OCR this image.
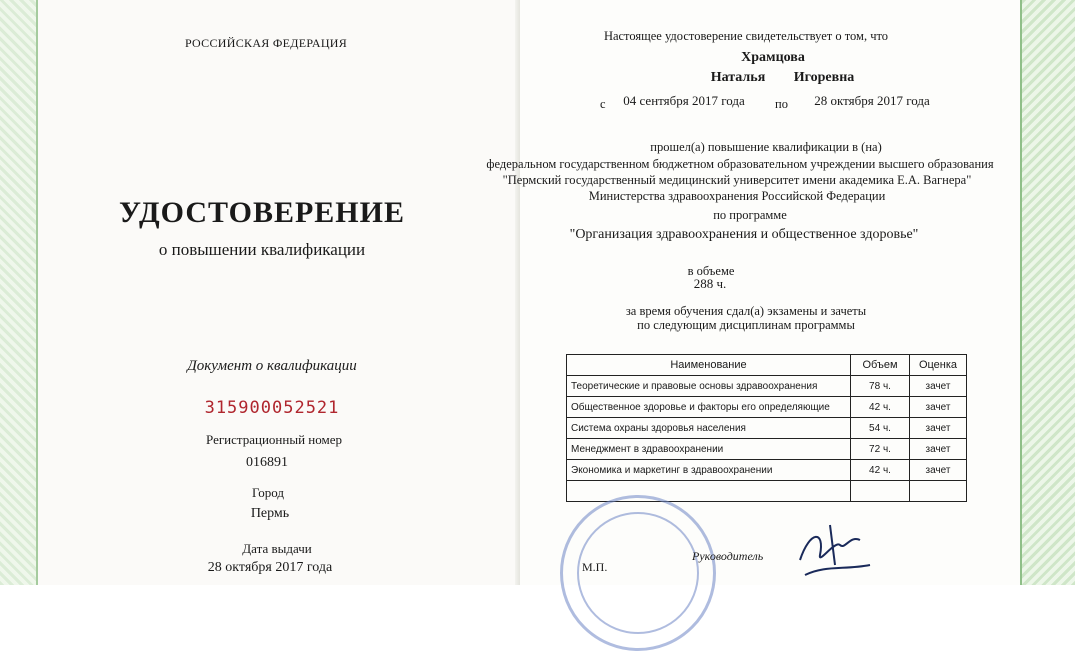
РОССИЙСКАЯ ФЕДЕРАЦИЯ
УДОСТОВЕРЕНИЕ
о повышении квалификации
Документ о квалификации
315900052521
Регистрационный номер
016891
Город
Пермь
Дата выдачи
28 октября 2017 года
Настоящее удостоверение свидетельствует о том, что
Храмцова
Наталья Игоревна
с 04 сентября 2017 года по 28 октября 2017 года
прошел(а) повышение квалификации в (на)
федеральном государственном бюджетном образовательном учреждении высшего образования
"Пермский государственный медицинский университет имени академика Е.А. Вагнера"
Министерства здравоохранения Российской Федерации
по программе
"Организация здравоохранения и общественное здоровье"
в объеме
288 ч.
за время обучения сдал(а) экзамены и зачеты
по следующим дисциплинам программы
Наименование	Объем	Оценка
Теоретические и правовые основы здравоохранения	78 ч.	зачет
Общественное здоровье и факторы его определяющие	42 ч.	зачет
Система охраны здоровья населения	54 ч.	зачет
Менеджмент в здравоохранении	72 ч.	зачет
Экономика и маркетинг в здравоохранении	42 ч.	зачет

М.П.
Руководитель
